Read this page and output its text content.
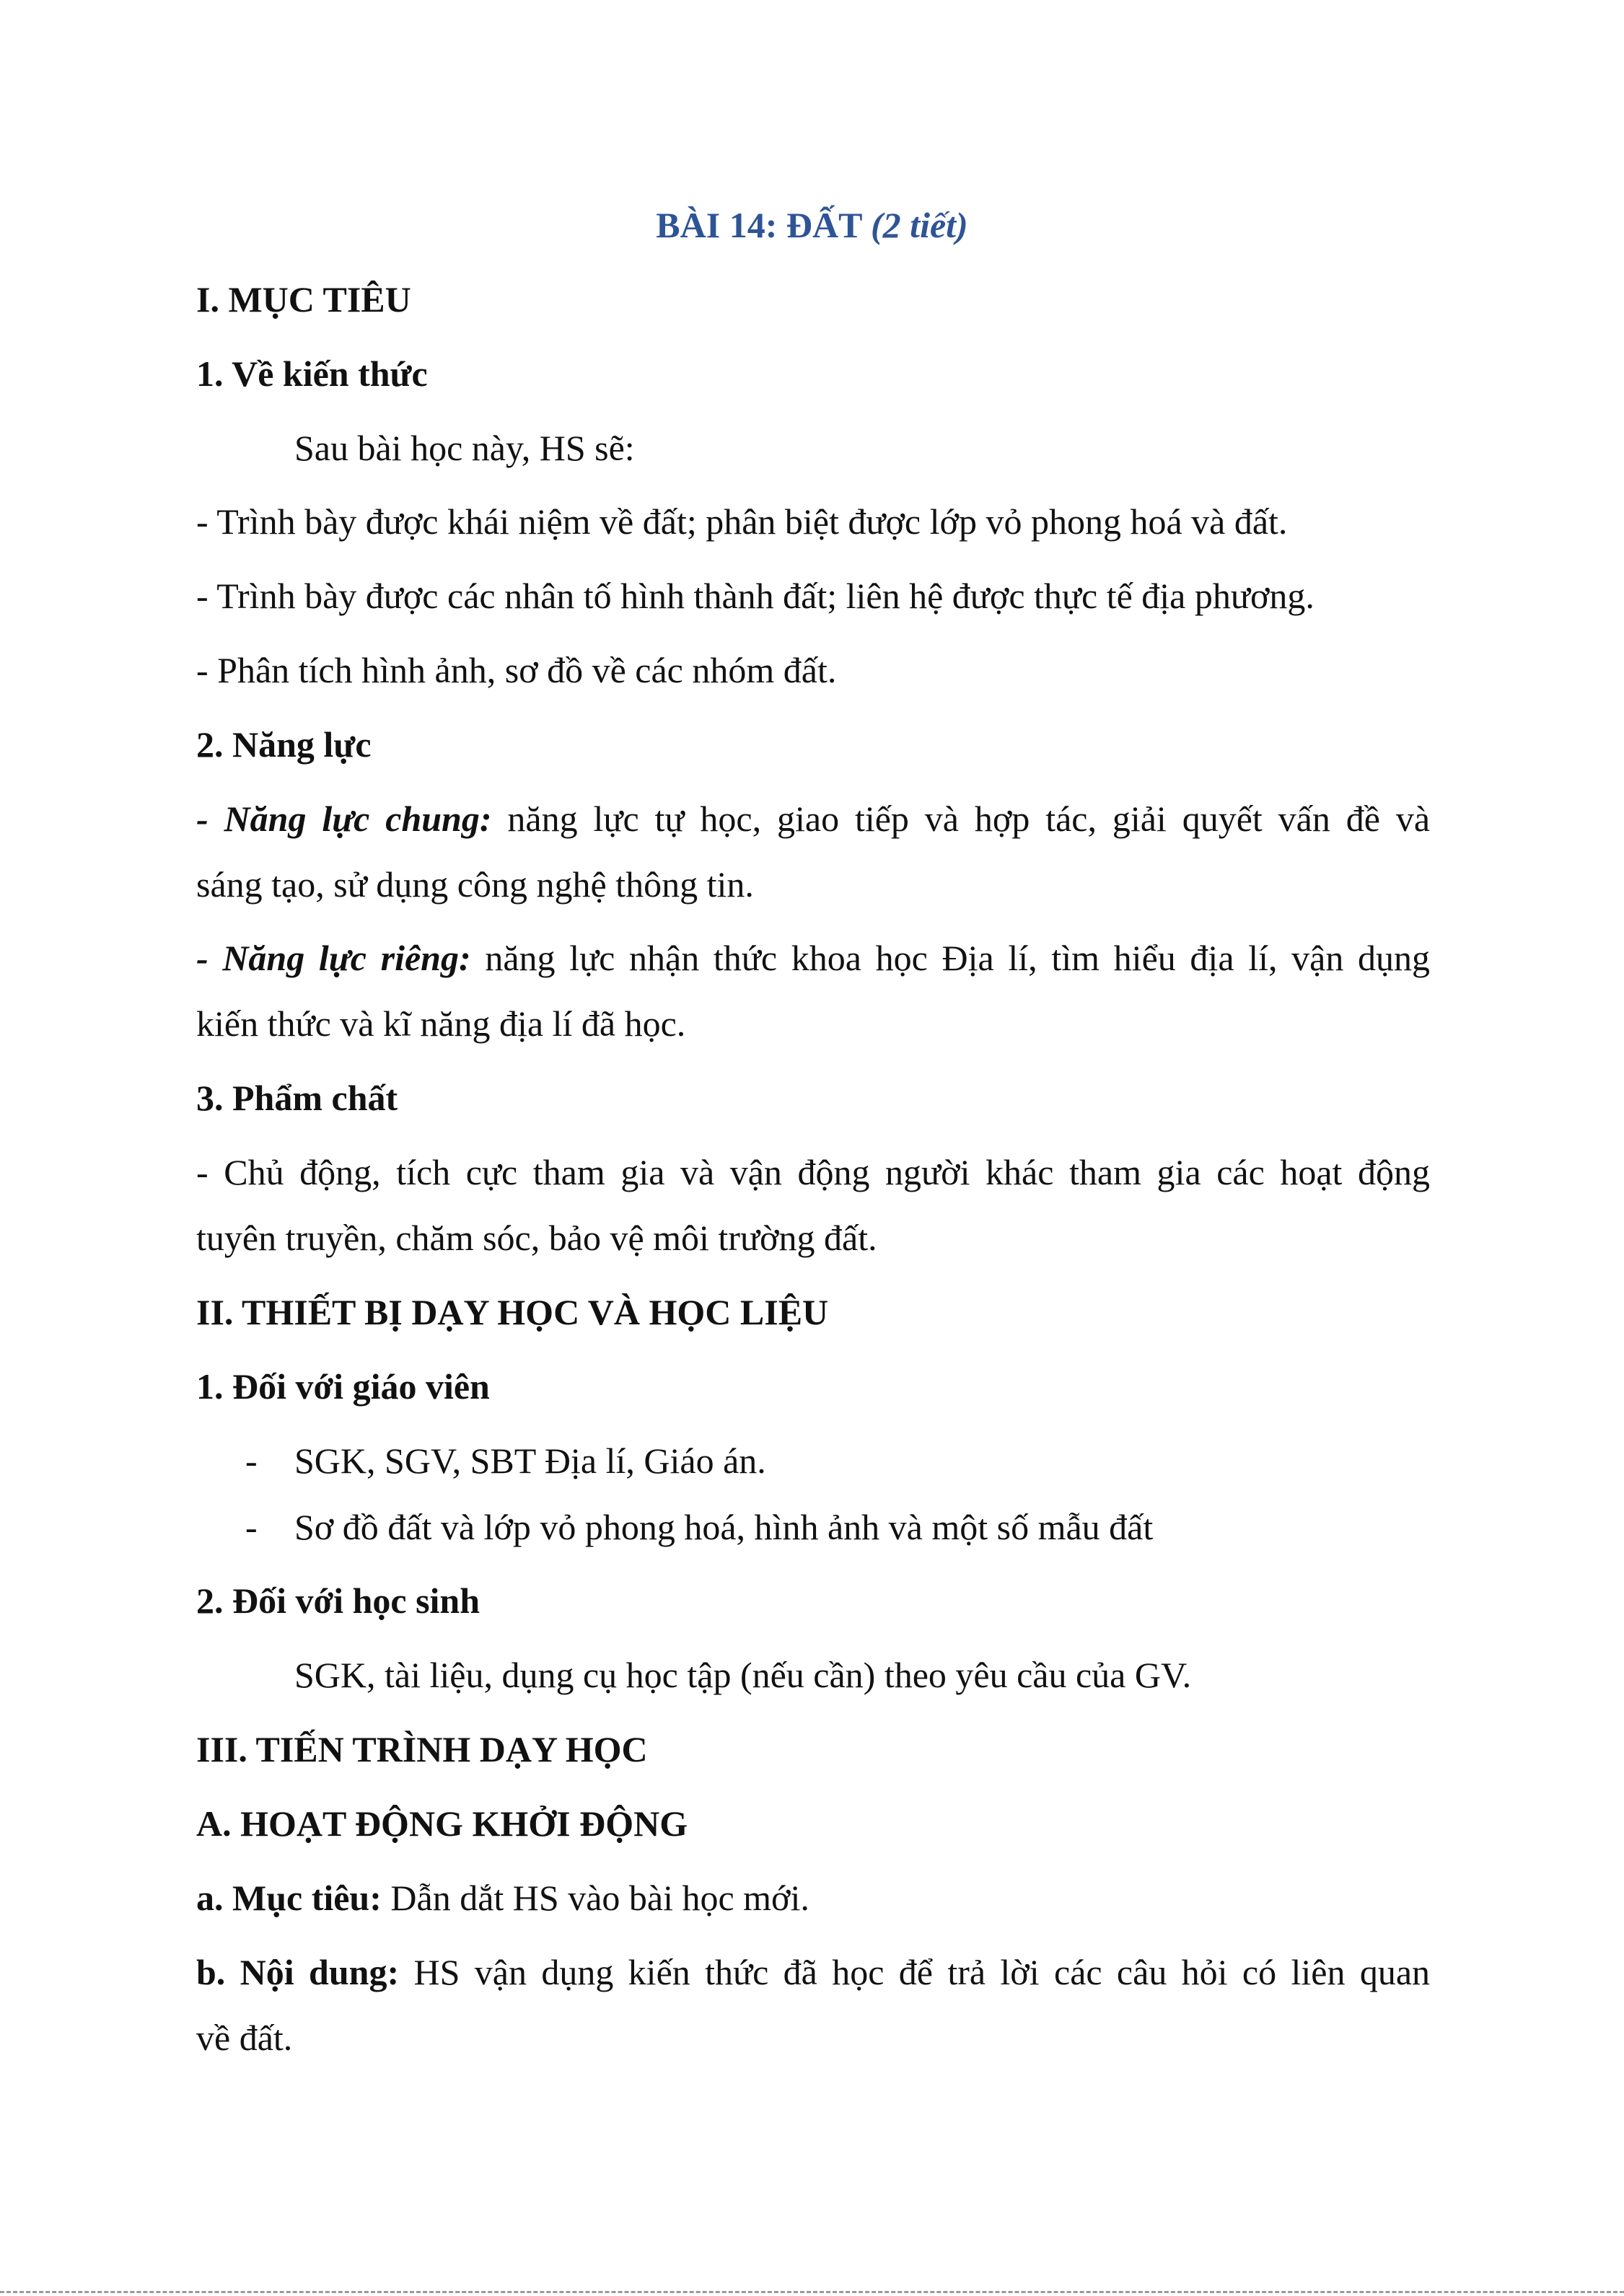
BÀI 14: ĐẤT (2 tiết)
I. MỤC TIÊU
1. Về kiến thức
Sau bài học này, HS sẽ:
- Trình bày được khái niệm về đất; phân biệt được lớp vỏ phong hoá và đất.
- Trình bày được các nhân tố hình thành đất; liên hệ được thực tế địa phương.
- Phân tích hình ảnh, sơ đồ về các nhóm đất.
2. Năng lực
- Năng lực chung: năng lực tự học, giao tiếp và hợp tác, giải quyết vấn đề và
sáng tạo, sử dụng công nghệ thông tin.
- Năng lực riêng: năng lực nhận thức khoa học Địa lí, tìm hiểu địa lí, vận dụng
kiến thức và kĩ năng địa lí đã học.
3. Phẩm chất
- Chủ động, tích cực tham gia và vận động người khác tham gia các hoạt động
tuyên truyền, chăm sóc, bảo vệ môi trường đất.
II. THIẾT BỊ DẠY HỌC VÀ HỌC LIỆU
1. Đối với giáo viên
- SGK, SGV, SBT Địa lí, Giáo án.
- Sơ đồ đất và lớp vỏ phong hoá, hình ảnh và một số mẫu đất
2. Đối với học sinh
SGK, tài liệu, dụng cụ học tập (nếu cần) theo yêu cầu của GV.
III. TIẾN TRÌNH DẠY HỌC
A. HOẠT ĐỘNG KHỞI ĐỘNG
a. Mục tiêu: Dẫn dắt HS vào bài học mới.
b. Nội dung: HS vận dụng kiến thức đã học để trả lời các câu hỏi có liên quan
về đất.
